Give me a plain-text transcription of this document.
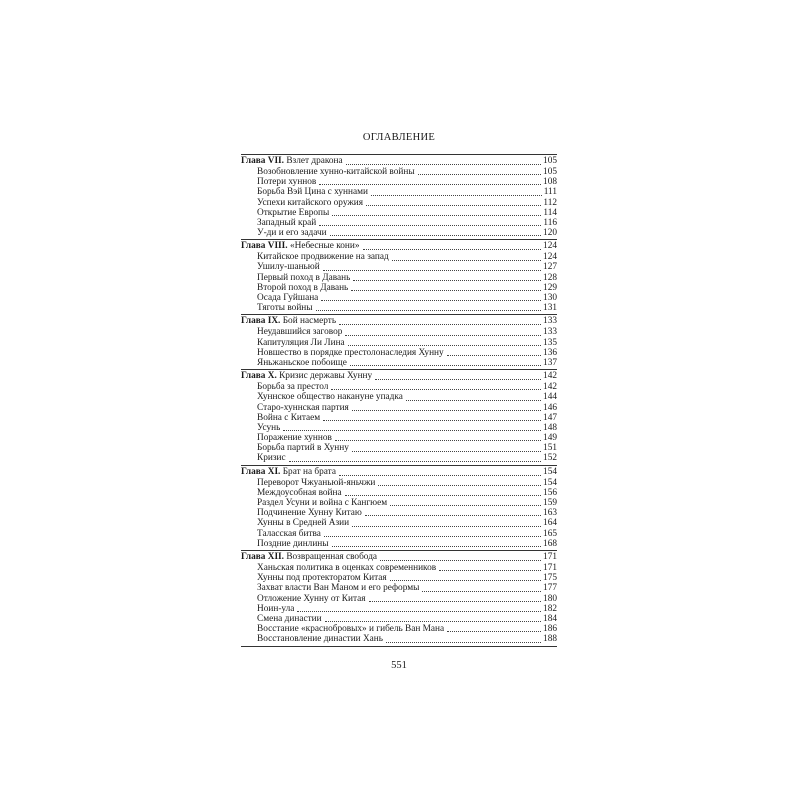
ОГЛАВЛЕНИЕ
Глава VII. Взлет дракона	105
Возобновление хунно-китайской войны	105
Потери хуннов	108
Борьба Вэй Цина с хуннами	111
Успехи китайского оружия	112
Открытие Европы	114
Западный край	116
У-ди и его задачи	120
Глава VIII. «Небесные кони»	124
Китайское продвижение на запад	124
Ушилу-шаньюй	127
Первый поход в Давань	128
Второй поход в Давань	129
Осада Гуйшана	130
Тяготы войны	131
Глава IX. Бой насмерть	133
Неудавшийся заговор	133
Капитуляция Ли Лина	135
Новшество в порядке престолонаследия Хунну	136
Яньжаньское побоище	137
Глава X. Кризис державы Хунну	142
Борьба за престол	142
Хуннское общество накануне упадка	144
Старо-хуннская партия	146
Война с Китаем	147
Усунь	148
Поражение хуннов	149
Борьба партий в Хунну	151
Кризис	152
Глава XI. Брат на брата	154
Переворот Чжуаньюй-яньчжи	154
Междоусобная война	156
Раздел Усуни и война с Кангюем	159
Подчинение Хунну Китаю	163
Хунны в Средней Азии	164
Таласская битва	165
Поздние динлины	168
Глава XII. Возвращенная свобода	171
Ханьская политика в оценках современников	171
Хунны под протекторатом Китая	175
Захват власти Ван Маном и его реформы	177
Отложение Хунну от Китая	180
Ноин-ула	182
Смена династии	184
Восстание «краснобровых» и гибель Ван Мана	186
Восстановление династии Хань	188
551
